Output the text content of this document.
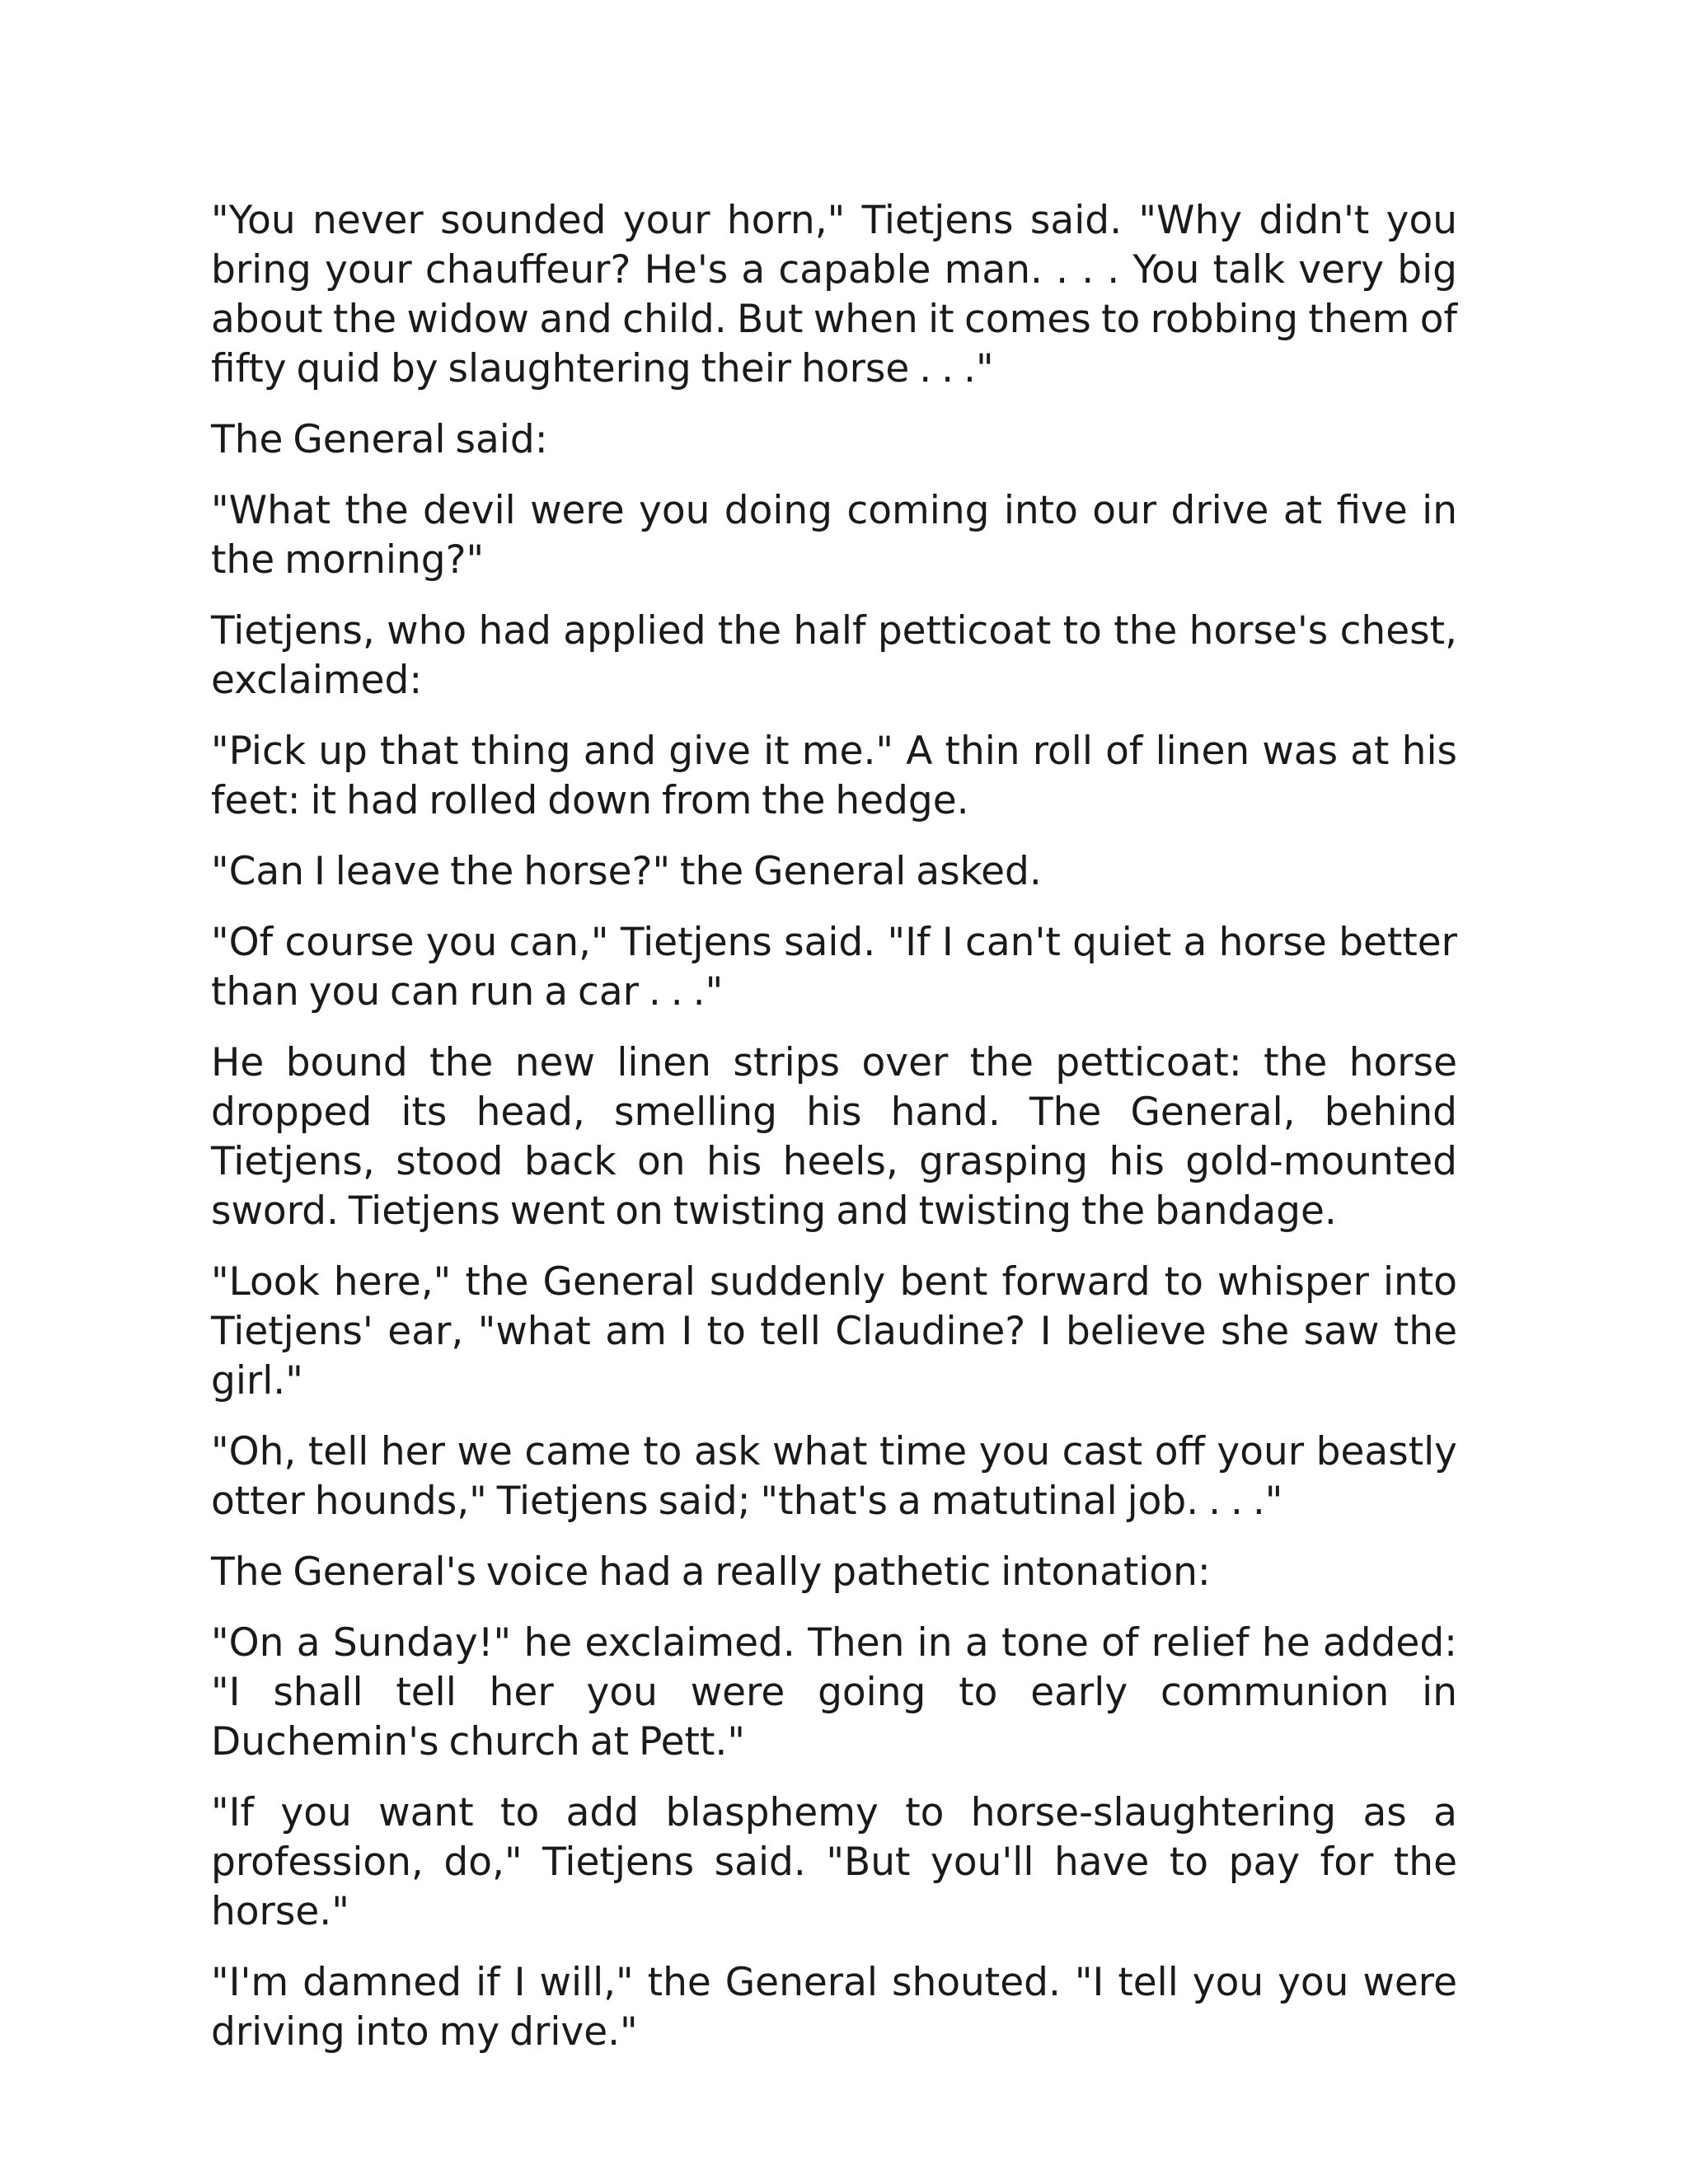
"You never sounded your horn," Tietjens said. "Why didn't you bring your chauffeur? He's a capable man. . . . You talk very big about the widow and child. But when it comes to robbing them of fifty quid by slaughtering their horse . . ."

The General said:

"What the devil were you doing coming into our drive at five in the morning?"

Tietjens, who had applied the half petticoat to the horse's chest, exclaimed:

"Pick up that thing and give it me." A thin roll of linen was at his feet: it had rolled down from the hedge.

"Can I leave the horse?" the General asked.

"Of course you can," Tietjens said. "If I can't quiet a horse better than you can run a car . . ."

He bound the new linen strips over the petticoat: the horse dropped its head, smelling his hand. The General, behind Tietjens, stood back on his heels, grasping his gold-mounted sword. Tietjens went on twisting and twisting the bandage.

"Look here," the General suddenly bent forward to whisper into Tietjens' ear, "what am I to tell Claudine? I believe she saw the girl."

"Oh, tell her we came to ask what time you cast off your beastly otter hounds," Tietjens said; "that's a matutinal job. . . ."

The General's voice had a really pathetic intonation:

"On a Sunday!" he exclaimed. Then in a tone of relief he added: "I shall tell her you were going to early communion in Duchemin's church at Pett."

"If you want to add blasphemy to horse-slaughtering as a profession, do," Tietjens said. "But you'll have to pay for the horse."

"I'm damned if I will," the General shouted. "I tell you you were driving into my drive."
